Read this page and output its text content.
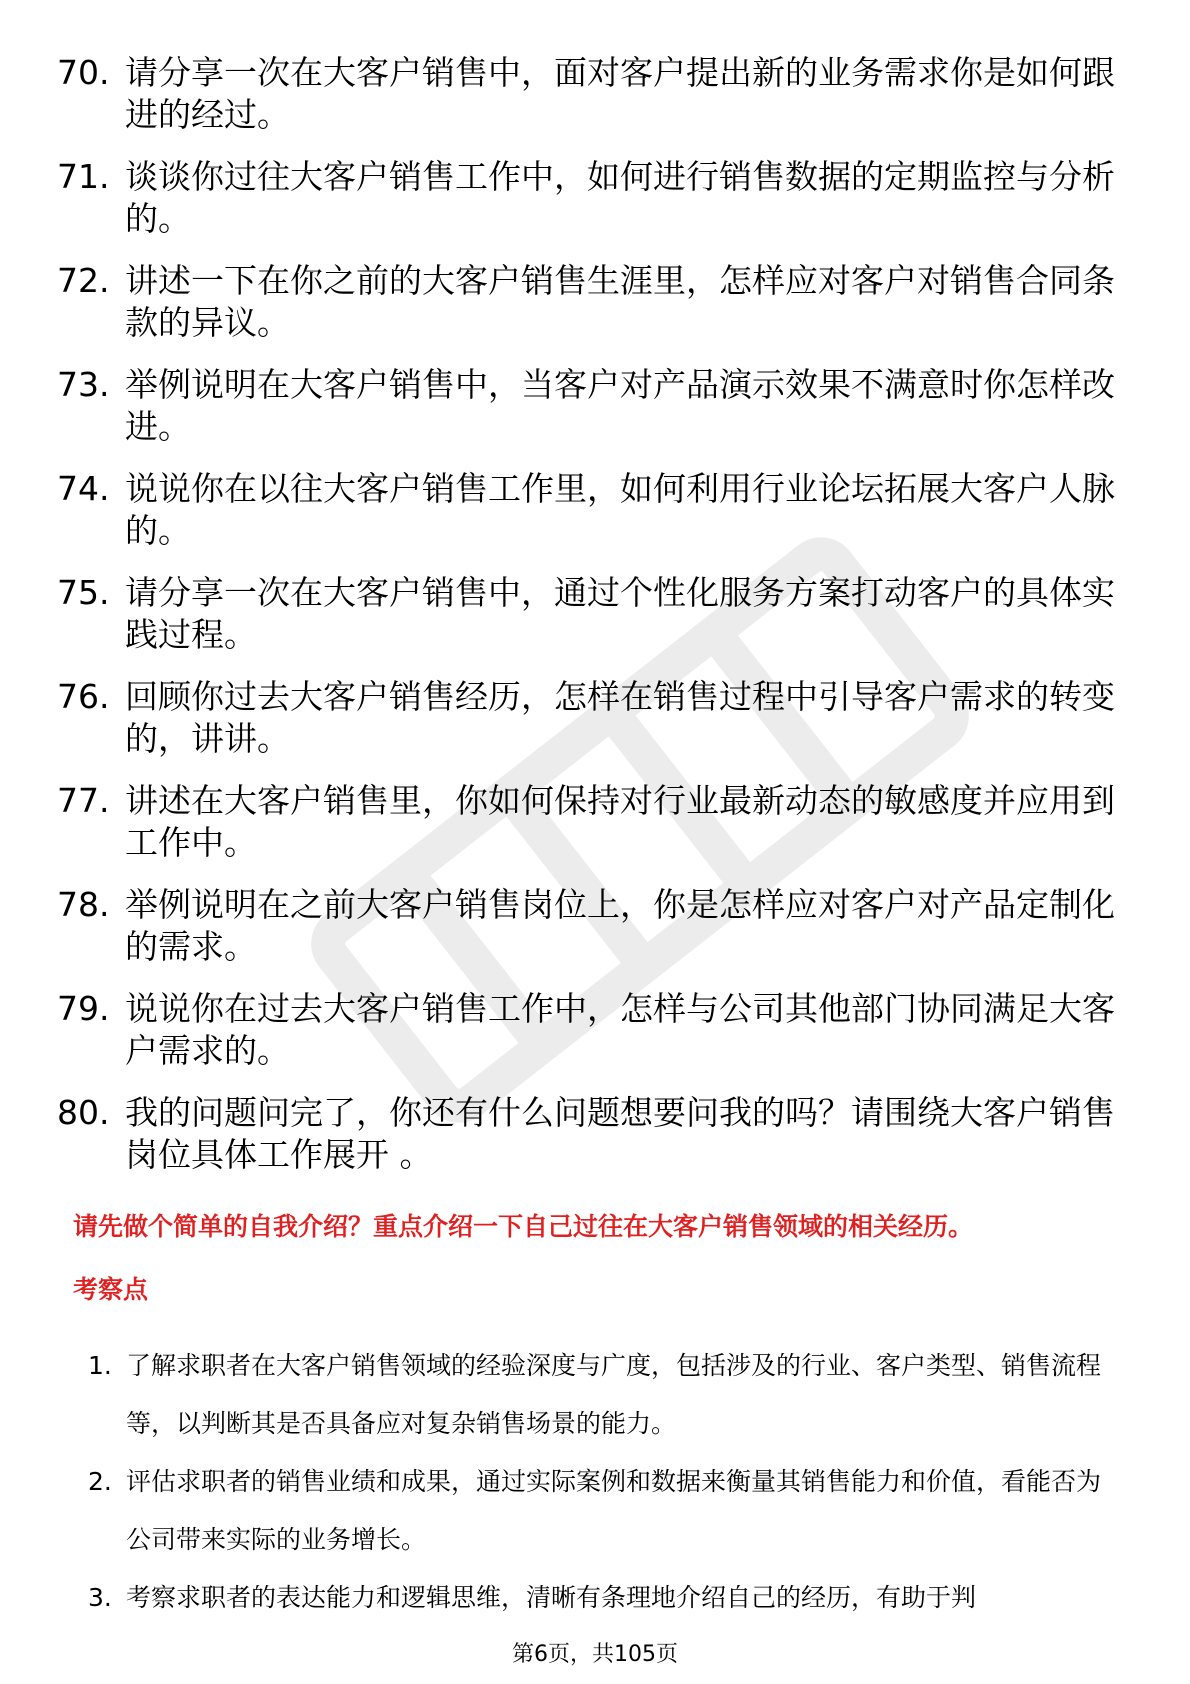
70. 请分享一次在大客户销售中，面对客户提出新的业务需求你是如何跟进的经过。
71. 谈谈你过往大客户销售工作中，如何进行销售数据的定期监控与分析的。
72. 讲述一下在你之前的大客户销售生涯里，怎样应对客户对销售合同条款的异议。
73. 举例说明在大客户销售中，当客户对产品演示效果不满意时你怎样改进。
74. 说说你在以往大客户销售工作里，如何利用行业论坛拓展大客户人脉的。
75. 请分享一次在大客户销售中，通过个性化服务方案打动客户的具体实践过程。
76. 回顾你过去大客户销售经历，怎样在销售过程中引导客户需求的转变的，讲讲。
77. 讲述在大客户销售里，你如何保持对行业最新动态的敏感度并应用到工作中。
78. 举例说明在之前大客户销售岗位上，你是怎样应对客户对产品定制化的需求。
79. 说说你在过去大客户销售工作中，怎样与公司其他部门协同满足大客户需求的。
80. 我的问题问完了，你还有什么问题想要问我的吗？请围绕大客户销售岗位具体工作展开 。
请先做个简单的自我介绍？重点介绍一下自己过往在大客户销售领域的相关经历。
考察点
1. 了解求职者在大客户销售领域的经验深度与广度，包括涉及的行业、客户类型、销售流程等，以判断其是否具备应对复杂销售场景的能力。
2. 评估求职者的销售业绩和成果，通过实际案例和数据来衡量其销售能力和价值，看能否为公司带来实际的业务增长。
3. 考察求职者的表达能力和逻辑思维，清晰有条理地介绍自己的经历，有助于判
第6页，共105页
